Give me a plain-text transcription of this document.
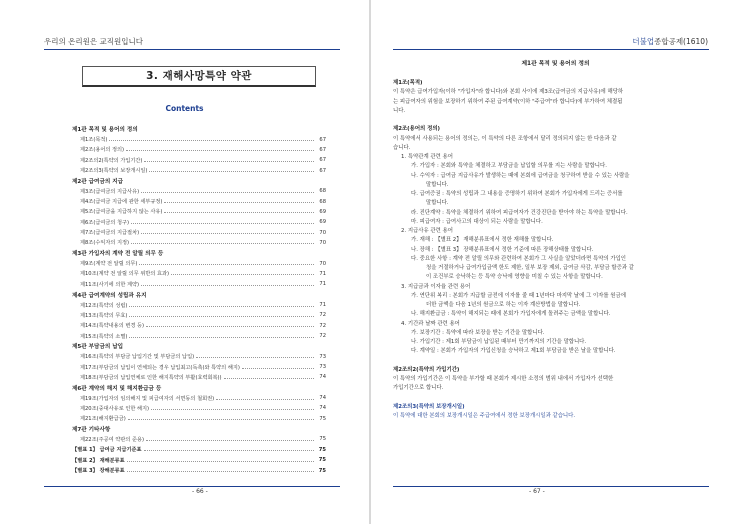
우리의 온리원은 교직원입니다
3. 재해사망특약 약관
Contents
제1관 목적 및 용어의 정의
제1조(목적)	67
제2조(용어의 정의)	67
제2조의2(특약의 가입기간)	67
제2조의3(특약의 보장개시일)	67
제2관 급여금의 지급
제3조(급여금의 지급사유)	68
제4조(급여금 지급에 관한 세부규정)	68
제5조(급여금을 지급하지 않는 사유)	69
제6조(급여금의 청구)	69
제7조(급여금의 지급절차)	70
제8조(수익자의 지정)	70
제3관 가입자의 계약 전 알릴 의무 등
제9조(계약 전 알릴 의무)	70
제10조(계약 전 알릴 의무 위반의 효과)	71
제11조(사기에 의한 계약)	71
제4관 급여계약의 성립과 유지
제12조(특약의 성립)	71
제13조(특약의 무효)	72
제14조(특약내용의 변경 등)	72
제15조(특약의 소멸)	72
제5관 부담금의 납입
제16조(특약의 부담금 납입기간 및 부담금의 납입)	73
제17조(부담금의 납입이 연체되는 경우 납입최고(독촉)와 특약의 해지)	73
제18조(부담금의 납입연체로 인한 해지특약의 부활(효력회복))	74
제6관 계약의 해지 및 해지환급금 등
제19조(가입자의 임의해지 및 피급여자의 서면동의 철회권)	74
제20조(중대사유로 인한 해지)	74
제21조(해지환급금)	75
제7관 기타사항
제22조(주공여 약관의 준용)	75
【별표 1】 급여금 지급기준표	75
【별표 2】 재해분류표	75
【별표 3】 장해분류표	75
- 66 -
더불업종합공제(1610)
제1관 목적 및 용어의 정의
제1조(목적)
이 특약은 급여가입자(이하 "가입자"라 합니다)와 본회 사이에 제3조(급여금의 지급사유)에 해당하
는 피급여자의 위험을 보장하기 위하여 주된 급여계약(이하 "주급여"라 합니다)에 부가하여 체결됩
니다.
제2조(용어의 정의)
이 특약에서 사용되는 용어의 정의는, 이 특약의 다른 조항에서 달리 정의되지 않는 한 다음과 같
습니다.
1. 특약관계 관련 용어
가. 가입자 : 본회와 특약을 체결하고 부담금을 납입할 의무를 지는 사람을 말합니다.
나. 수익자 : 급여금 지급사유가 발생하는 때에 본회에 급여금을 청구하여 받을 수 있는 사람을
말합니다.
다. 급여증권 : 특약의 성립과 그 내용을 증명하기 위하여 본회가 가입자에게 드리는 증서를
말합니다.
라. 진단계약 : 특약을 체결하기 위하여 피급여자가 건강진단을 받아야 하는 특약을 말합니다.
마. 피급여자 : 급여사고의 대상이 되는 사람을 말합니다.
2. 지급사유 관련 용어
가. 재해 : 【별표 2】 재해분류표에서 정한 재해를 말합니다.
나. 장해 : 【별표 3】 장해분류표에서 정한 기준에 따른 장해상태를 말합니다.
다. 중요한 사항 : 계약 전 알릴 의무와 관련하여 본회가 그 사실을 알았더라면 특약의 가입인
청을 거절하거나 급여가입금액 한도 제한, 일부 보장 제외, 급여금 삭감, 부담금 할증과 같
이 조건부로 승낙하는 등 특약 승낙에 영향을 미칠 수 있는 사항을 말합니다.
3. 지급금과 이자율 관련 용어
가. 연단위 복리 : 본회가 지급할 금전에 이자를 줄 때 1년마다 마지막 날에 그 이자를 원금에
더한 금액을 다음 1년의 원금으로 하는 이자 계산방법을 말합니다.
나. 해지환급금 : 특약이 해지되는 때에 본회가 가입자에게 돌려주는 금액을 말합니다.
4. 기간과 날짜 관련 용어
가. 보장기간 : 특약에 따라 보장을 받는 기간을 말합니다.
나. 가입기간 : 제1회 부담금이 납입된 때부터 만기까지의 기간을 말합니다.
다. 계약일 : 본회가 가입자의 가입신청을 승낙하고 제1회 부담금을 받은 날을 말합니다.
제2조의2(특약의 가입기간)
이 특약의 가입기간은 이 특약을 부가할 때 본회가 제시한 소정의 범위 내에서 가입자가 선택한
가입기간으로 합니다.
제2조의3(특약의 보장개시일)
이 특약에 대한 본회의 보장개시일은 주급여에서 정한 보장개시일과 같습니다.
- 67 -
